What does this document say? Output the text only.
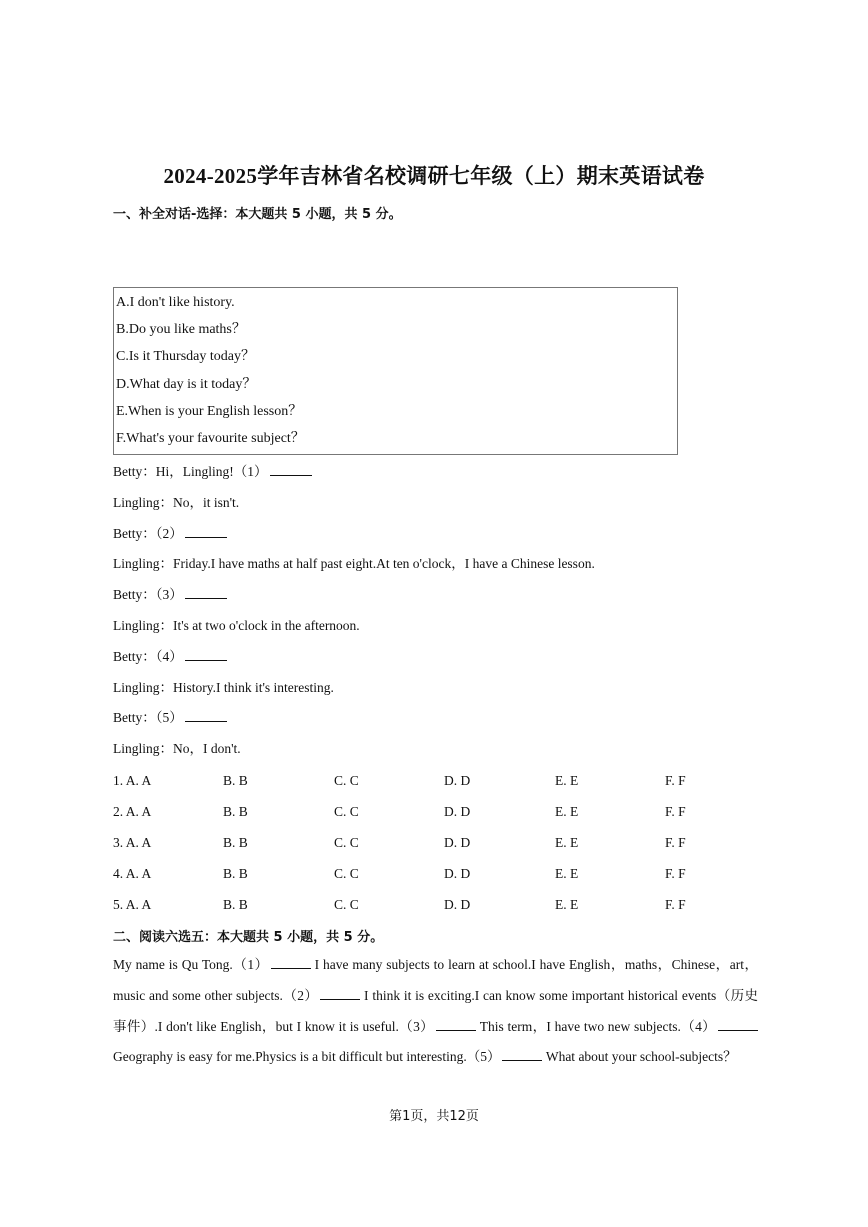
2024-2025学年吉林省名校调研七年级（上）期末英语试卷
一、补全对话-选择：本大题共 5 小题，共 5 分。
A.I don't like history.
B.Do you like maths？
C.Is it Thursday today？
D.What day is it today？
E.When is your English lesson？
F.What's your favourite subject？
Betty：Hi，Lingling!（1）
Lingling：No，it isn't.
Betty：（2）
Lingling：Friday.I have maths at half past eight.At ten o'clock，I have a Chinese lesson.
Betty：（3）
Lingling：It's at two o'clock in the afternoon.
Betty：（4）
Lingling：History.I think it's interesting.
Betty：（5）
Lingling：No，I don't.
1. A. A	B. B	C. C	D. D	E. E	F. F
2. A. A	B. B	C. C	D. D	E. E	F. F
3. A. A	B. B	C. C	D. D	E. E	F. F
4. A. A	B. B	C. C	D. D	E. E	F. F
5. A. A	B. B	C. C	D. D	E. E	F. F
二、阅读六选五：本大题共 5 小题，共 5 分。
My name is Qu Tong.（1）	I have many subjects to learn at school.I have English，maths，Chinese，art，music and some other subjects.（2）	I think it is exciting.I can know some important historical events（历史事件）.I don't like English，but I know it is useful.（3）	This term，I have two new subjects.（4） Geography is easy for me.Physics is a bit difficult but interesting.（5）	What about your school-subjects？
第1页，共12页
